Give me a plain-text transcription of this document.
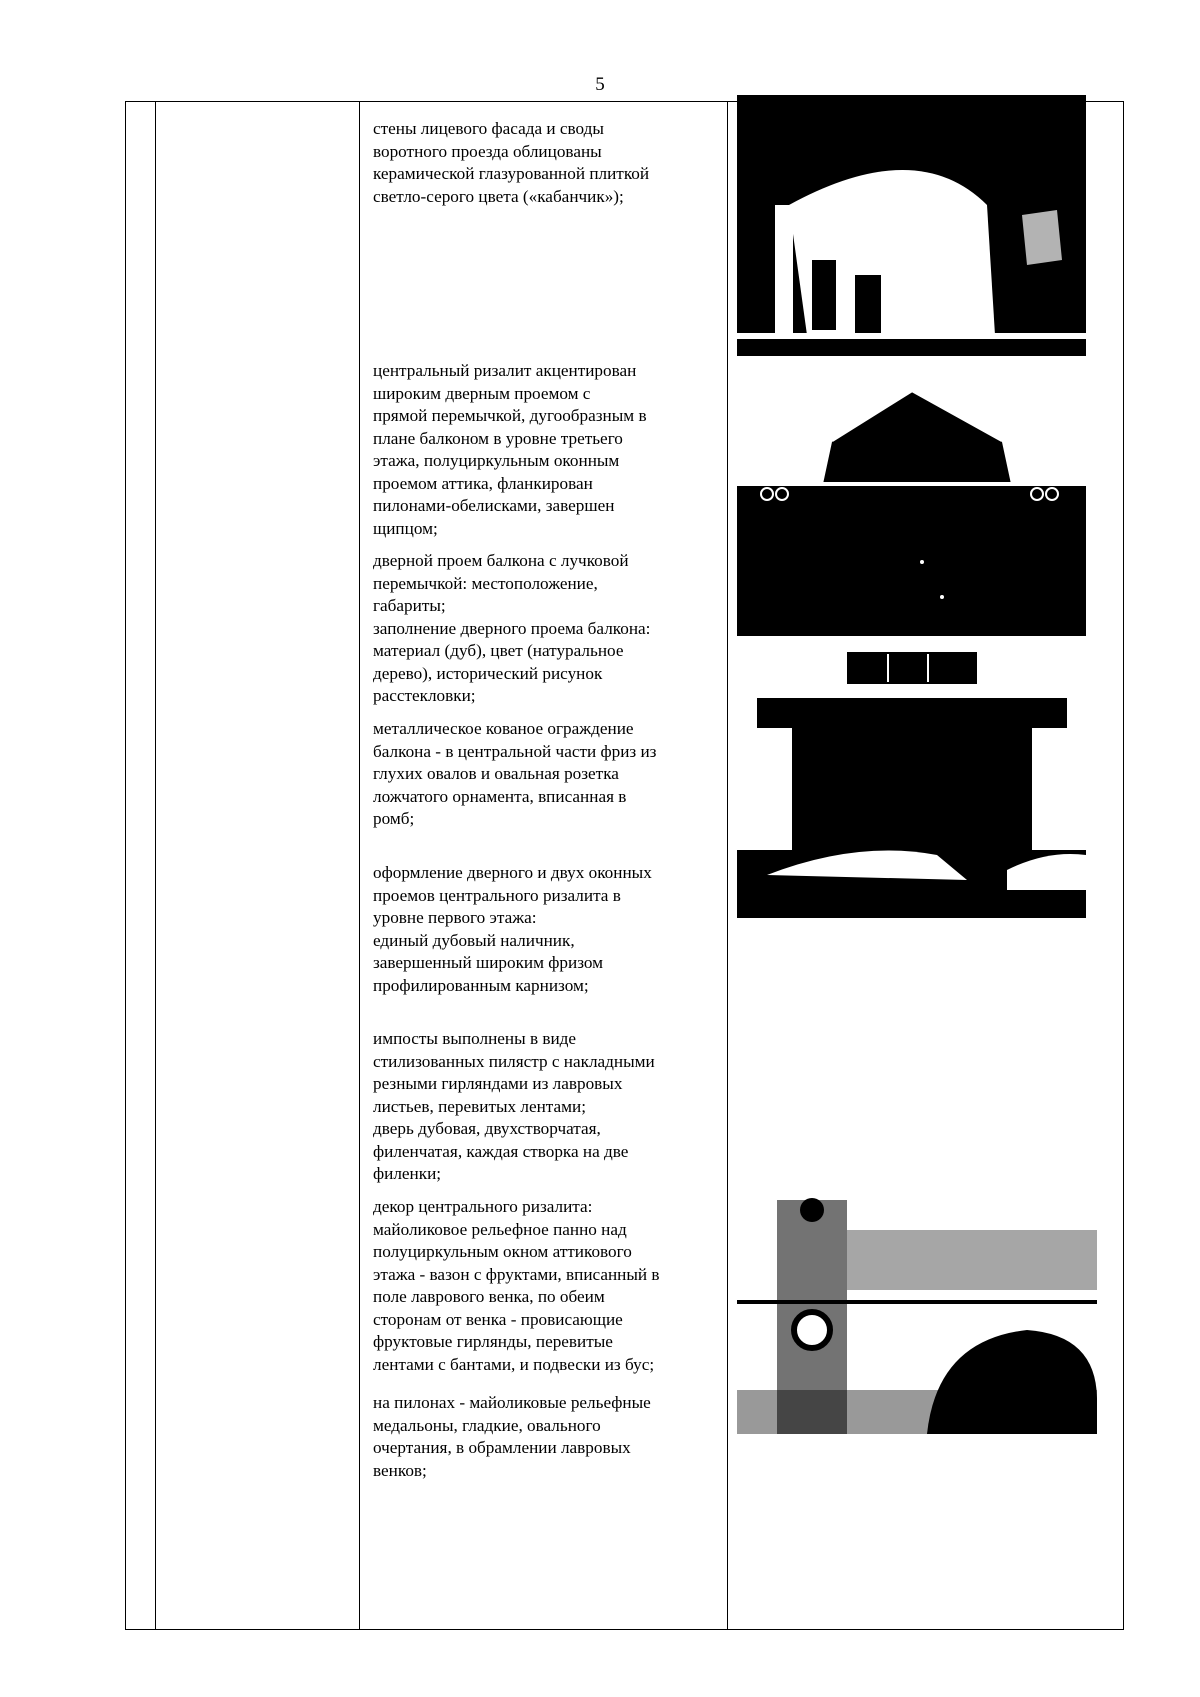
5
стены лицевого фасада и своды
воротного проезда облицованы
керамической глазурованной плиткой
светло-серого цвета («кабанчик»);
центральный ризалит акцентирован
широким дверным проемом с
прямой перемычкой, дугообразным в
плане балконом в уровне третьего
этажа, полуциркульным оконным
проемом аттика, фланкирован
пилонами-обелисками, завершен
щипцом;
дверной проем балкона с лучковой
перемычкой: местоположение,
габариты;
заполнение дверного проема балкона:
материал (дуб), цвет (натуральное
дерево), исторический рисунок
расстекловки;
металлическое кованое ограждение
балкона - в центральной части фриз из
глухих овалов и овальная розетка
ложчатого орнамента, вписанная в
ромб;
оформление дверного и двух оконных
проемов центрального ризалита в
уровне первого этажа:
единый дубовый наличник,
завершенный широким фризом
профилированным карнизом;
импосты выполнены в виде
стилизованных пилястр с накладными
резными гирляндами из лавровых
листьев, перевитых лентами;
дверь дубовая, двухстворчатая,
филенчатая, каждая створка на две
филенки;
декор центрального ризалита:
майоликовое рельефное панно над
полуциркульным окном аттикового
этажа - вазон с фруктами, вписанный в
поле лаврового венка, по обеим
сторонам от венка - провисающие
фруктовые гирлянды, перевитые
лентами с бантами, и подвески из бус;
на пилонах - майоликовые рельефные
медальоны, гладкие, овального
очертания, в обрамлении лавровых
венков;
